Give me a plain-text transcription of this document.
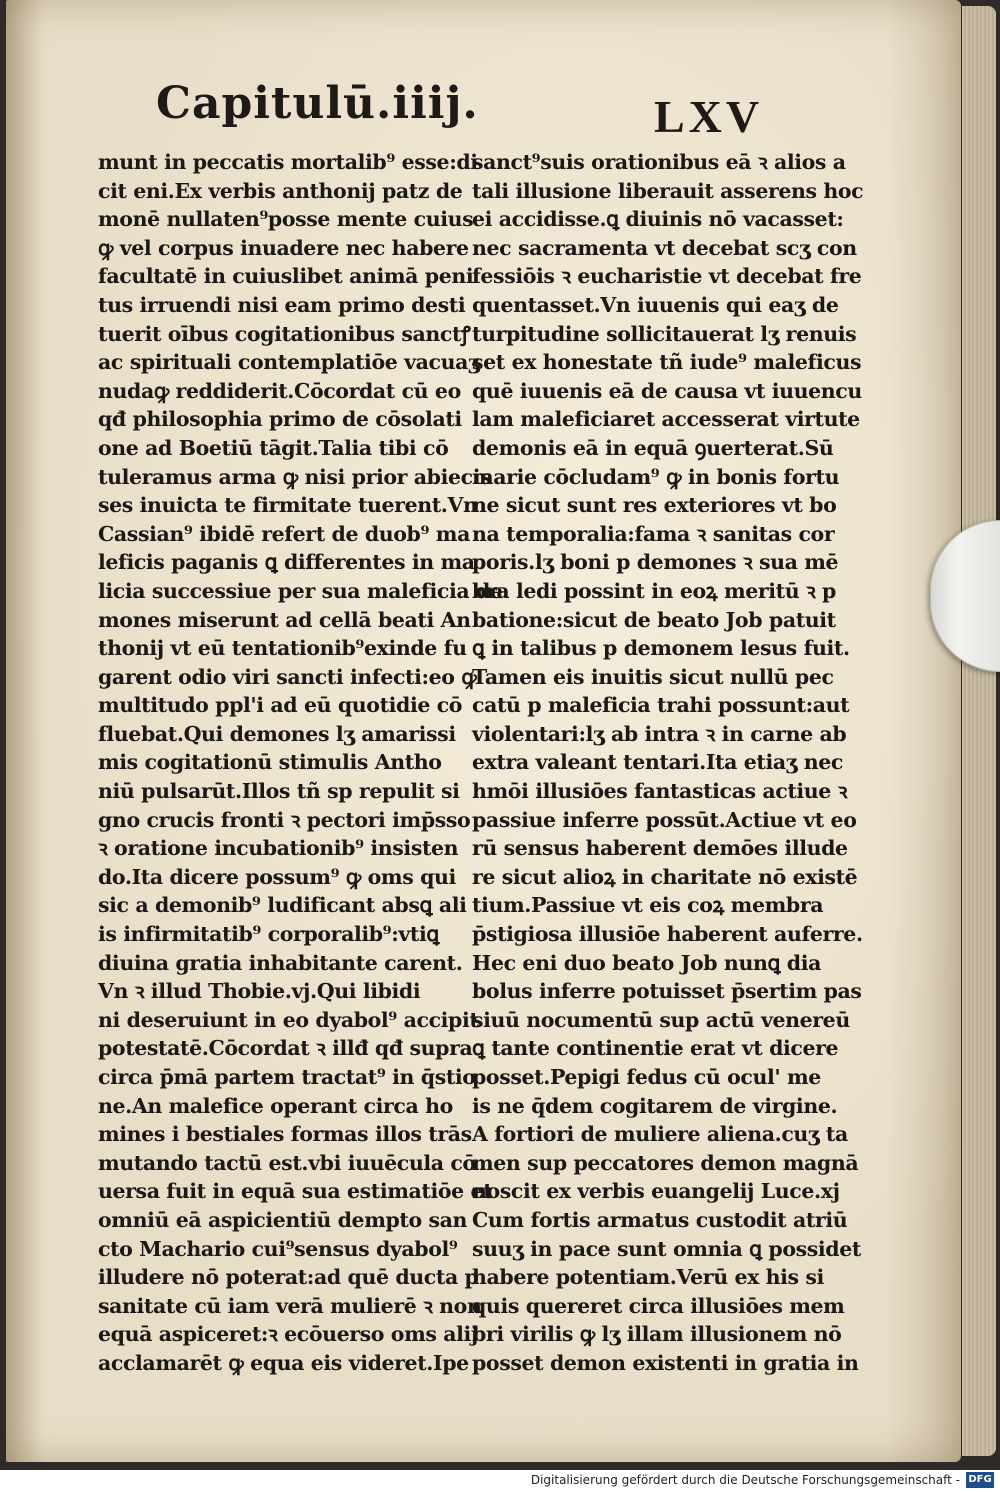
Capitulū.iiij.	LXV
munt in peccatis mortalib⁹ esse:di
cit eni.Ex verbis anthonij patz de
monē nullaten⁹posse mente cuius
ꝙ vel corpus inuadere nec habere
facultatē in cuiuslibet animā peni
tus irruendi nisi eam primo desti
tuerit oībus cogitationibus sanctꝭ
ac spirituali contemplatiōe vacuaʒ
nudaꝙ reddiderit.Cōcordat cū eo
qđ philosophia primo de cōsolati
one ad Boetiū tāgit.Talia tibi cō
tuleramus arma ꝙ nisi prior abiecis
ses inuicta te firmitate tuerent.Vn
Cassian⁹ ibidē refert de duob⁹ ma
leficis paganis ꝗ differentes in ma
licia successiue per sua maleficia de
mones miserunt ad cellā beati An
thonij vt eū tentationib⁹exinde fu
garent odio viri sancti infecti:eo ꝙ
multitudo ppl'i ad eū quotidie cō
fluebat.Qui demones lʒ amarissi
mis cogitationū stimulis Antho
niū pulsarūt.Illos tñ sp repulit si
gno crucis fronti ꝛ pectori imp̄sso
ꝛ oratione incubationib⁹ insisten
do.Ita dicere possum⁹ ꝙ oms qui
sic a demonib⁹ ludificant absꝗ ali
is infirmitatib⁹ corporalib⁹:vtiꝗ
diuina gratia inhabitante carent.
Vn ꝛ illud Thobie.vj.Qui libidi
ni deseruiunt in eo dyabol⁹ accipit
potestatē.Cōcordat ꝛ illđ qđ supra
circa p̄mā partem tractat⁹ in q̄stio
ne.An malefice operant circa ho
mines i bestiales formas illos trās
mutando tactū est.vbi iuuēcula cō
uersa fuit in equā sua estimatiōe et
omniū eā aspicientiū dempto san
cto Machario cui⁹sensus dyabol⁹
illudere nō poterat:ad quē ducta p
sanitate cū iam verā mulierē ꝛ non
equā aspiceret:ꝛ ecōuerso oms alij
acclamarēt ꝙ equa eis videret.Ipe
sanct⁹suis orationibus eā ꝛ alios a
tali illusione liberauit asserens hoc
ei accidisse.ꝗ diuinis nō vacasset:
nec sacramenta vt decebat scʒ con
fessiōis ꝛ eucharistie vt decebat fre
quentasset.Vn iuuenis qui eaʒ de
turpitudine sollicitauerat lʒ renuis
set ex honestate tñ iude⁹ maleficus
quē iuuenis eā de causa vt iuuencu
lam maleficiaret accesserat virtute
demonis eā in equā ꝯuerterat.Sū
marie cōcludam⁹ ꝙ in bonis fortu
ne sicut sunt res exteriores vt bo
na temporalia:fama ꝛ sanitas cor
poris.lʒ boni p demones ꝛ sua mē
bra ledi possint in eoꝝ meritū ꝛ p
batione:sicut de beato Job patuit
ꝗ in talibus p demonem lesus fuit.
Tamen eis inuitis sicut nullū pec
catū p maleficia trahi possunt:aut
violentari:lʒ ab intra ꝛ in carne ab
extra valeant tentari.Ita etiaʒ nec
hmōi illusiōes fantasticas actiue ꝛ
passiue inferre possūt.Actiue vt eo
rū sensus haberent demōes illude
re sicut alioꝝ in charitate nō existē
tium.Passiue vt eis coꝝ membra
p̄stigiosa illusiōe haberent auferre.
Hec eni duo beato Job nunꝗ dia
bolus inferre potuisset p̄sertim pas
siuū nocumentū sup actū venereū
ꝗ tante continentie erat vt dicere
posset.Pepigi fedus cū ocul' me
is ne q̄dem cogitarem de virgine.
A fortiori de muliere aliena.cuʒ ta
men sup peccatores demon magnā
noscit ex verbis euangelij Luce.xj
Cum fortis armatus custodit atriū
suuʒ in pace sunt omnia ꝗ possidet
habere potentiam.Verū ex his si
quis quereret circa illusiōes mem
bri virilis ꝙ lʒ illam illusionem nō
posset demon existenti in gratia in
Digitalisierung gefördert durch die Deutsche Forschungsgemeinschaft - DFG
